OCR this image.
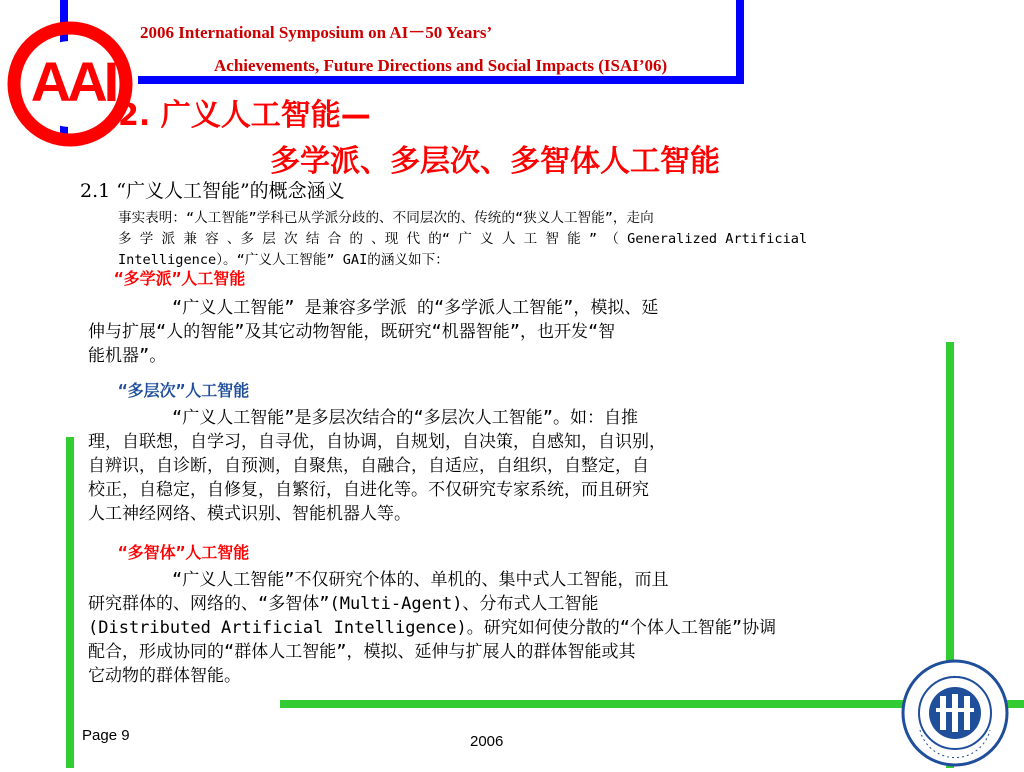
2006 International Symposium on AI－50 Years’
Achievements, Future Directions and Social Impacts (ISAI’06)
AAI
2. 广义人工智能—
多学派、多层次、多智体人工智能
2.1 “广义人工智能”的概念涵义
事实表明：“人工智能”学科已从学派分歧的、不同层次的、传统的“狭义人工智能”，走向
多 学 派 兼 容 、多 层 次 结 合 的 、现 代 的“ 广 义 人 工 智 能 ” （ Generalized Artificial
Intelligence）。“广义人工智能” GAI的涵义如下：
“多学派”人工智能
“广义人工智能” 是兼容多学派 的“多学派人工智能”，模拟、延
伸与扩展“人的智能”及其它动物智能，既研究“机器智能”，也开发“智
能机器”。
“多层次”人工智能
“广义人工智能”是多层次结合的“多层次人工智能”。如：自推
理，自联想，自学习，自寻优，自协调，自规划，自决策，自感知，自识别，
自辨识，自诊断，自预测，自聚焦，自融合，自适应，自组织，自整定，自
校正，自稳定，自修复，自繁衍，自进化等。不仅研究专家系统，而且研究
人工神经网络、模式识别、智能机器人等。
“多智体”人工智能
“广义人工智能”不仅研究个体的、单机的、集中式人工智能，而且
研究群体的、网络的、“多智体”(Multi-Agent)、分布式人工智能
(Distributed Artificial Intelligence)。研究如何使分散的“个体人工智能”协调
配合，形成协同的“群体人工智能”，模拟、延伸与扩展人的群体智能或其
它动物的群体智能。
Page 9	2006
